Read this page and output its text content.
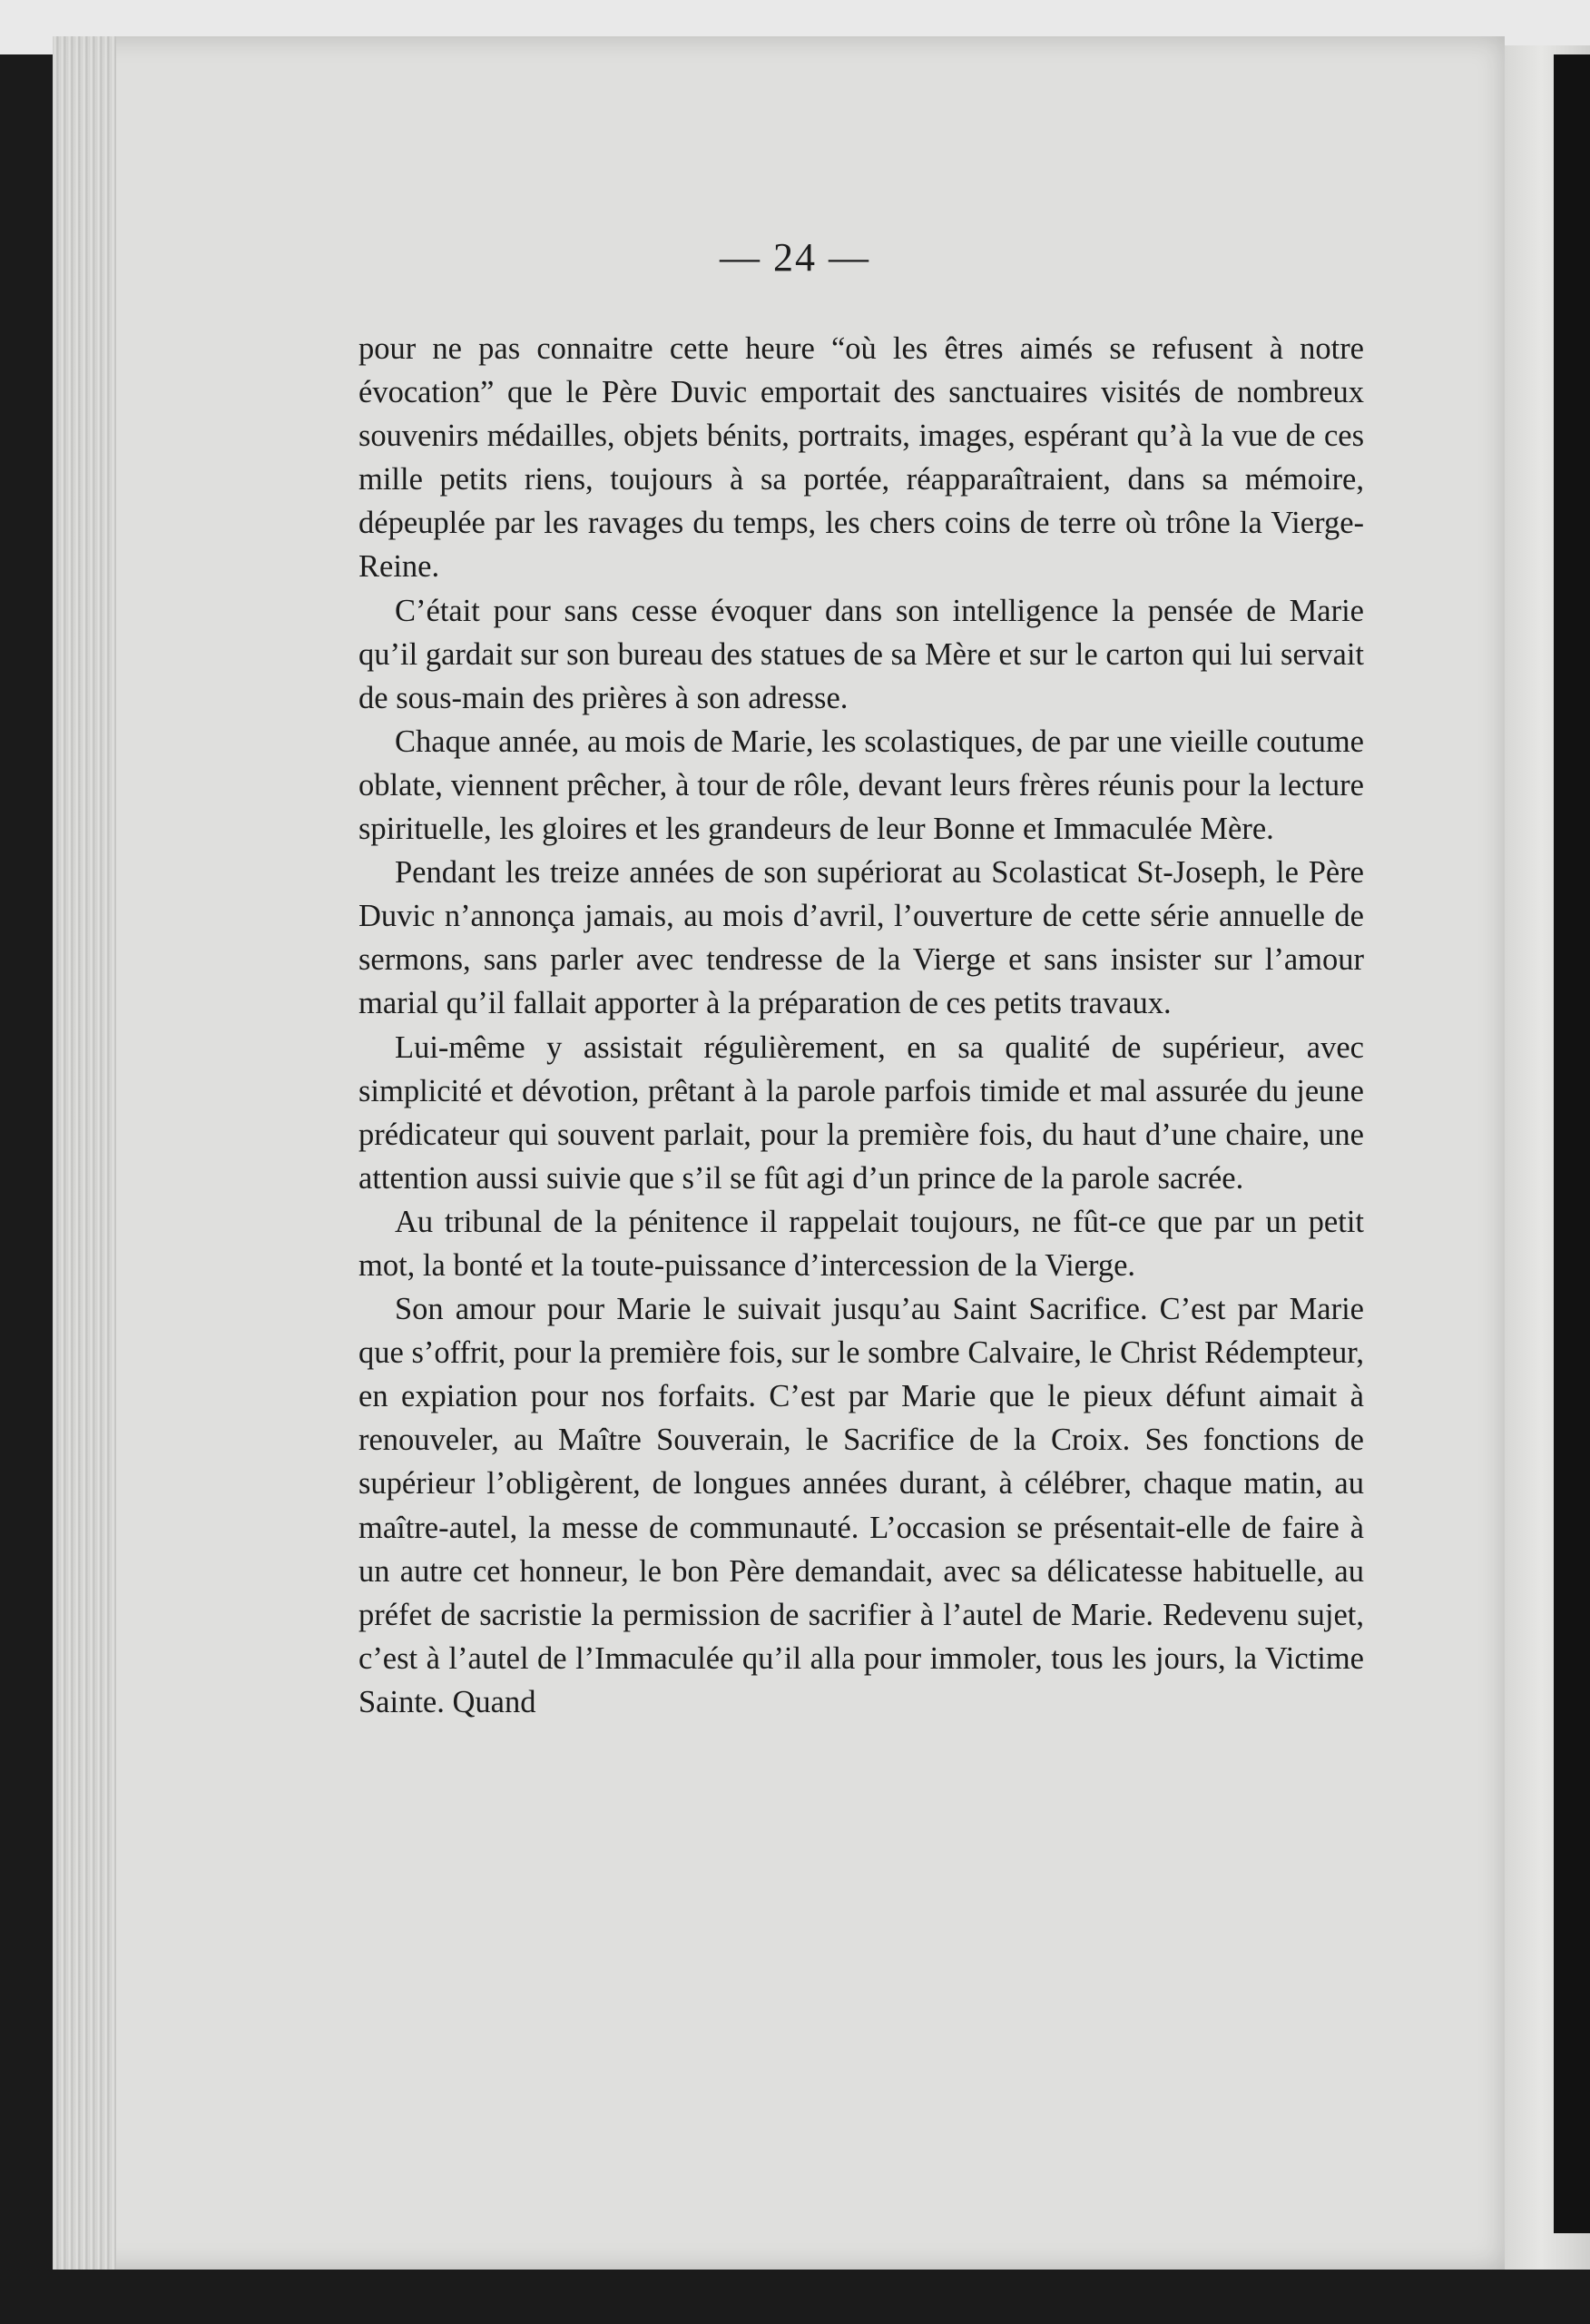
— 24 —

pour ne pas connaitre cette heure “où les êtres aimés se refusent à notre évocation” que le Père Duvic emportait des sanctuaires visités de nombreux souvenirs médailles, objets bénits, portraits, images, espérant qu’à la vue de ces mille petits riens, toujours à sa portée, réapparaîtraient, dans sa mémoire, dépeuplée par les ravages du temps, les chers coins de terre où trône la Vierge-Reine.

C’était pour sans cesse évoquer dans son intelligence la pensée de Marie qu’il gardait sur son bureau des statues de sa Mère et sur le carton qui lui servait de sous-main des prières à son adresse.

Chaque année, au mois de Marie, les scolastiques, de par une vieille coutume oblate, viennent prêcher, à tour de rôle, devant leurs frères réunis pour la lecture spirituelle, les gloires et les grandeurs de leur Bonne et Immaculée Mère.

Pendant les treize années de son supériorat au Scolasticat St-Joseph, le Père Duvic n’annonça jamais, au mois d’avril, l’ouverture de cette série annuelle de sermons, sans parler avec tendresse de la Vierge et sans insister sur l’amour marial qu’il fallait apporter à la préparation de ces petits travaux.

Lui-même y assistait régulièrement, en sa qualité de supérieur, avec simplicité et dévotion, prêtant à la parole parfois timide et mal assurée du jeune prédicateur qui souvent parlait, pour la première fois, du haut d’une chaire, une attention aussi suivie que s’il se fût agi d’un prince de la parole sacrée.

Au tribunal de la pénitence il rappelait toujours, ne fût-ce que par un petit mot, la bonté et la toute-puissance d’intercession de la Vierge.

Son amour pour Marie le suivait jusqu’au Saint Sacrifice. C’est par Marie que s’offrit, pour la première fois, sur le sombre Calvaire, le Christ Rédempteur, en expiation pour nos forfaits. C’est par Marie que le pieux défunt aimait à renouveler, au Maître Souverain, le Sacrifice de la Croix. Ses fonctions de supérieur l’obligèrent, de longues années durant, à célébrer, chaque matin, au maître-autel, la messe de communauté. L’occasion se présentait-elle de faire à un autre cet honneur, le bon Père demandait, avec sa délicatesse habituelle, au préfet de sacristie la permission de sacrifier à l’autel de Marie. Redevenu sujet, c’est à l’autel de l’Immaculée qu’il alla pour immoler, tous les jours, la Victime Sainte. Quand
